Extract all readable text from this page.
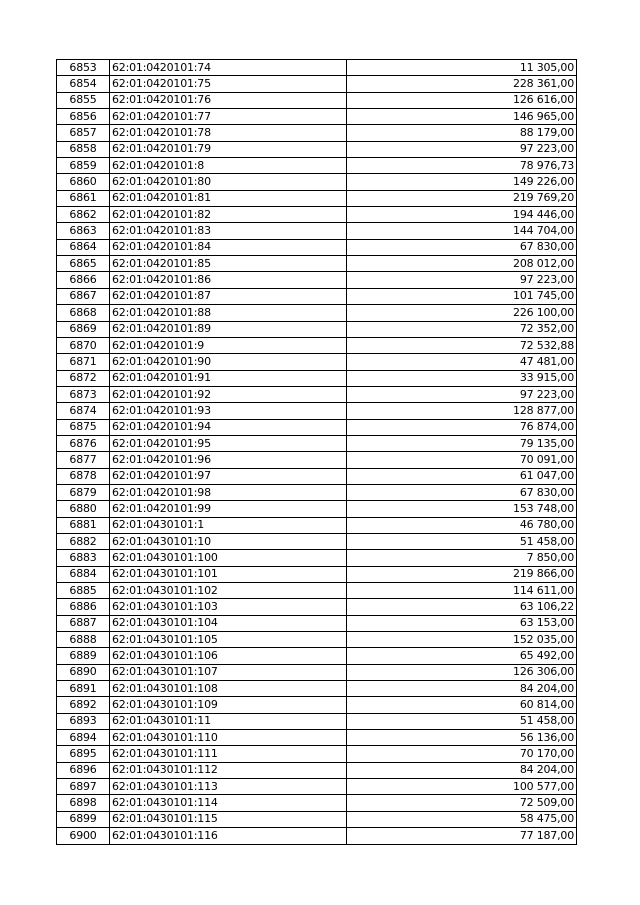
6853	62:01:0420101:74	11 305,00
6854	62:01:0420101:75	228 361,00
6855	62:01:0420101:76	126 616,00
6856	62:01:0420101:77	146 965,00
6857	62:01:0420101:78	88 179,00
6858	62:01:0420101:79	97 223,00
6859	62:01:0420101:8	78 976,73
6860	62:01:0420101:80	149 226,00
6861	62:01:0420101:81	219 769,20
6862	62:01:0420101:82	194 446,00
6863	62:01:0420101:83	144 704,00
6864	62:01:0420101:84	67 830,00
6865	62:01:0420101:85	208 012,00
6866	62:01:0420101:86	97 223,00
6867	62:01:0420101:87	101 745,00
6868	62:01:0420101:88	226 100,00
6869	62:01:0420101:89	72 352,00
6870	62:01:0420101:9	72 532,88
6871	62:01:0420101:90	47 481,00
6872	62:01:0420101:91	33 915,00
6873	62:01:0420101:92	97 223,00
6874	62:01:0420101:93	128 877,00
6875	62:01:0420101:94	76 874,00
6876	62:01:0420101:95	79 135,00
6877	62:01:0420101:96	70 091,00
6878	62:01:0420101:97	61 047,00
6879	62:01:0420101:98	67 830,00
6880	62:01:0420101:99	153 748,00
6881	62:01:0430101:1	46 780,00
6882	62:01:0430101:10	51 458,00
6883	62:01:0430101:100	7 850,00
6884	62:01:0430101:101	219 866,00
6885	62:01:0430101:102	114 611,00
6886	62:01:0430101:103	63 106,22
6887	62:01:0430101:104	63 153,00
6888	62:01:0430101:105	152 035,00
6889	62:01:0430101:106	65 492,00
6890	62:01:0430101:107	126 306,00
6891	62:01:0430101:108	84 204,00
6892	62:01:0430101:109	60 814,00
6893	62:01:0430101:11	51 458,00
6894	62:01:0430101:110	56 136,00
6895	62:01:0430101:111	70 170,00
6896	62:01:0430101:112	84 204,00
6897	62:01:0430101:113	100 577,00
6898	62:01:0430101:114	72 509,00
6899	62:01:0430101:115	58 475,00
6900	62:01:0430101:116	77 187,00
